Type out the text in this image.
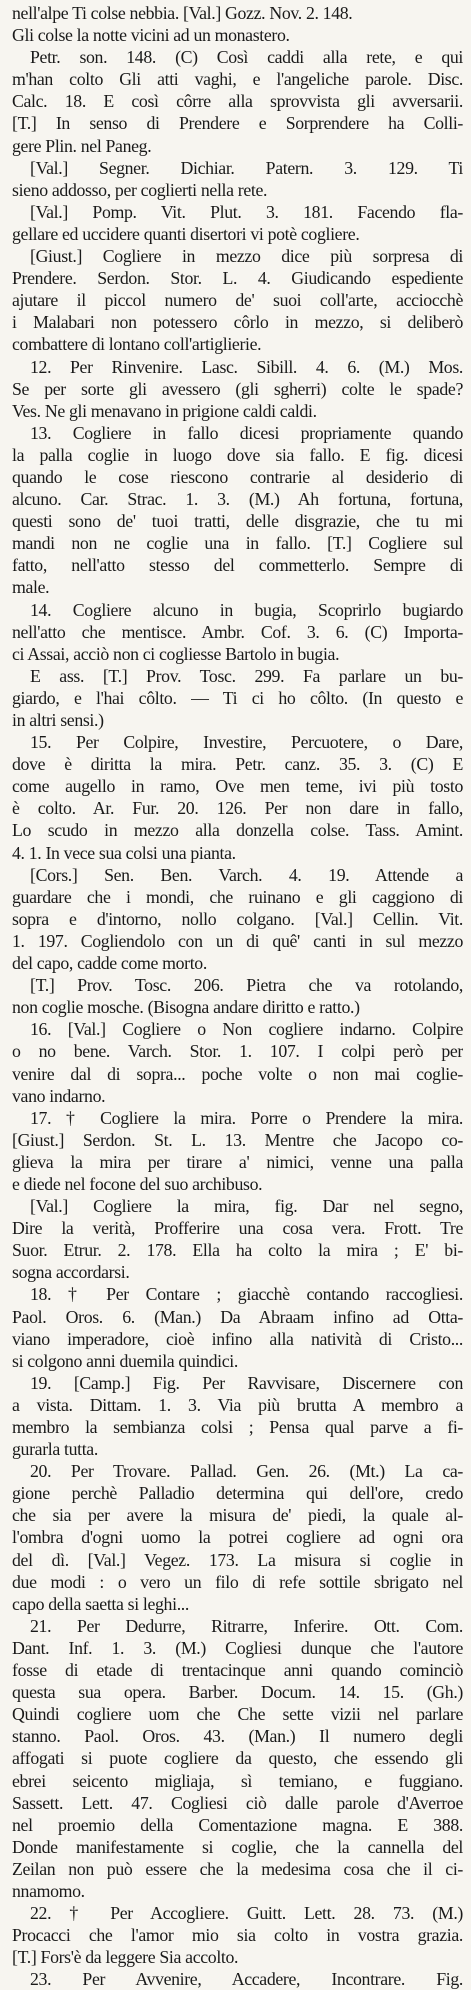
nell'alpe Ti colse nebbia. [Val.] Gozz. Nov. 2. 148.
Gli colse la notte vicini ad un monastero.
Petr. son. 148. (C) Così caddi alla rete, e qui
m'han colto Gli atti vaghi, e l'angeliche parole. Disc.
Calc. 18. E così côrre alla sprovvista gli avversarii.
[T.] In senso di Prendere e Sorprendere ha Colli-
gere Plin. nel Paneg.
[Val.] Segner. Dichiar. Patern. 3. 129. Ti
sieno addosso, per coglierti nella rete.
[Val.] Pomp. Vit. Plut. 3. 181. Facendo fla-
gellare ed uccidere quanti disertori vi potè cogliere.
[Giust.] Cogliere in mezzo dice più sorpresa di
Prendere. Serdon. Stor. L. 4. Giudicando espediente
ajutare il piccol numero de' suoi coll'arte, acciocchè
i Malabari non potessero côrlo in mezzo, si deliberò
combattere di lontano coll'artiglierie.
12. Per Rinvenire. Lasc. Sibill. 4. 6. (M.) Mos.
Se per sorte gli avessero (gli sgherri) colte le spade?
Ves. Ne gli menavano in prigione caldi caldi.
13. Cogliere in fallo dicesi propriamente quando
la palla coglie in luogo dove sia fallo. E fig. dicesi
quando le cose riescono contrarie al desiderio di
alcuno. Car. Strac. 1. 3. (M.) Ah fortuna, fortuna,
questi sono de' tuoi tratti, delle disgrazie, che tu mi
mandi non ne coglie una in fallo. [T.] Cogliere sul
fatto, nell'atto stesso del commetterlo. Sempre di
male.
14. Cogliere alcuno in bugia, Scoprirlo bugiardo
nell'atto che mentisce. Ambr. Cof. 3. 6. (C) Importa-
ci Assai, acciò non ci cogliesse Bartolo in bugia.
E ass. [T.] Prov. Tosc. 299. Fa parlare un bu-
giardo, e l'hai côlto. — Ti ci ho côlto. (In questo e
in altri sensi.)
15. Per Colpire, Investire, Percuotere, o Dare,
dove è diritta la mira. Petr. canz. 35. 3. (C) E
come augello in ramo, Ove men teme, ivi più tosto
è colto. Ar. Fur. 20. 126. Per non dare in fallo,
Lo scudo in mezzo alla donzella colse. Tass. Amint.
4. 1. In vece sua colsi una pianta.
[Cors.] Sen. Ben. Varch. 4. 19. Attende a
guardare che i mondi, che ruinano e gli caggiono di
sopra e d'intorno, nollo colgano. [Val.] Cellin. Vit.
1. 197. Cogliendolo con un di quê' canti in sul mezzo
del capo, cadde come morto.
[T.] Prov. Tosc. 206. Pietra che va rotolando,
non coglie mosche. (Bisogna andare diritto e ratto.)
16. [Val.] Cogliere o Non cogliere indarno. Colpire
o no bene. Varch. Stor. 1. 107. I colpi però per
venire dal di sopra... poche volte o non mai coglie-
vano indarno.
17. † Cogliere la mira. Porre o Prendere la mira.
[Giust.] Serdon. St. L. 13. Mentre che Jacopo co-
glieva la mira per tirare a' nimici, venne una palla
e diede nel focone del suo archibuso.
[Val.] Cogliere la mira, fig. Dar nel segno,
Dire la verità, Profferire una cosa vera. Frott. Tre
Suor. Etrur. 2. 178. Ella ha colto la mira ; E' bi-
sogna accordarsi.
18. † Per Contare ; giacchè contando raccogliesi.
Paol. Oros. 6. (Man.) Da Abraam infino ad Otta-
viano imperadore, cioè infino alla natività di Cristo...
si colgono anni duemila quindici.
19. [Camp.] Fig. Per Ravvisare, Discernere con
a vista. Dittam. 1. 3. Via più brutta A membro a
membro la sembianza colsi ; Pensa qual parve a fi-
gurarla tutta.
20. Per Trovare. Pallad. Gen. 26. (Mt.) La ca-
gione perchè Palladio determina qui dell'ore, credo
che sia per avere la misura de' piedi, la quale al-
l'ombra d'ogni uomo la potrei cogliere ad ogni ora
del dì. [Val.] Vegez. 173. La misura si coglie in
due modi : o vero un filo di refe sottile sbrigato nel
capo della saetta si leghi...
21. Per Dedurre, Ritrarre, Inferire. Ott. Com.
Dant. Inf. 1. 3. (M.) Cogliesi dunque che l'autore
fosse di etade di trentacinque anni quando cominciò
questa sua opera. Barber. Docum. 14. 15. (Gh.)
Quindi cogliere uom che Che sette vizii nel parlare
stanno. Paol. Oros. 43. (Man.) Il numero degli
affogati si puote cogliere da questo, che essendo gli
ebrei seicento migliaja, sì temiano, e fuggiano.
Sassett. Lett. 47. Cogliesi ciò dalle parole d'Averroe
nel proemio della Comentazione magna. E 388.
Donde manifestamente si coglie, che la cannella del
Zeilan non può essere che la medesima cosa che il ci-
nnamomo.
22. † Per Accogliere. Guitt. Lett. 28. 73. (M.)
Procacci che l'amor mio sia colto in vostra grazia.
[T.] Fors'è da leggere Sia accolto.
23. Per Avvenire, Accadere, Incontrare. Fig.
